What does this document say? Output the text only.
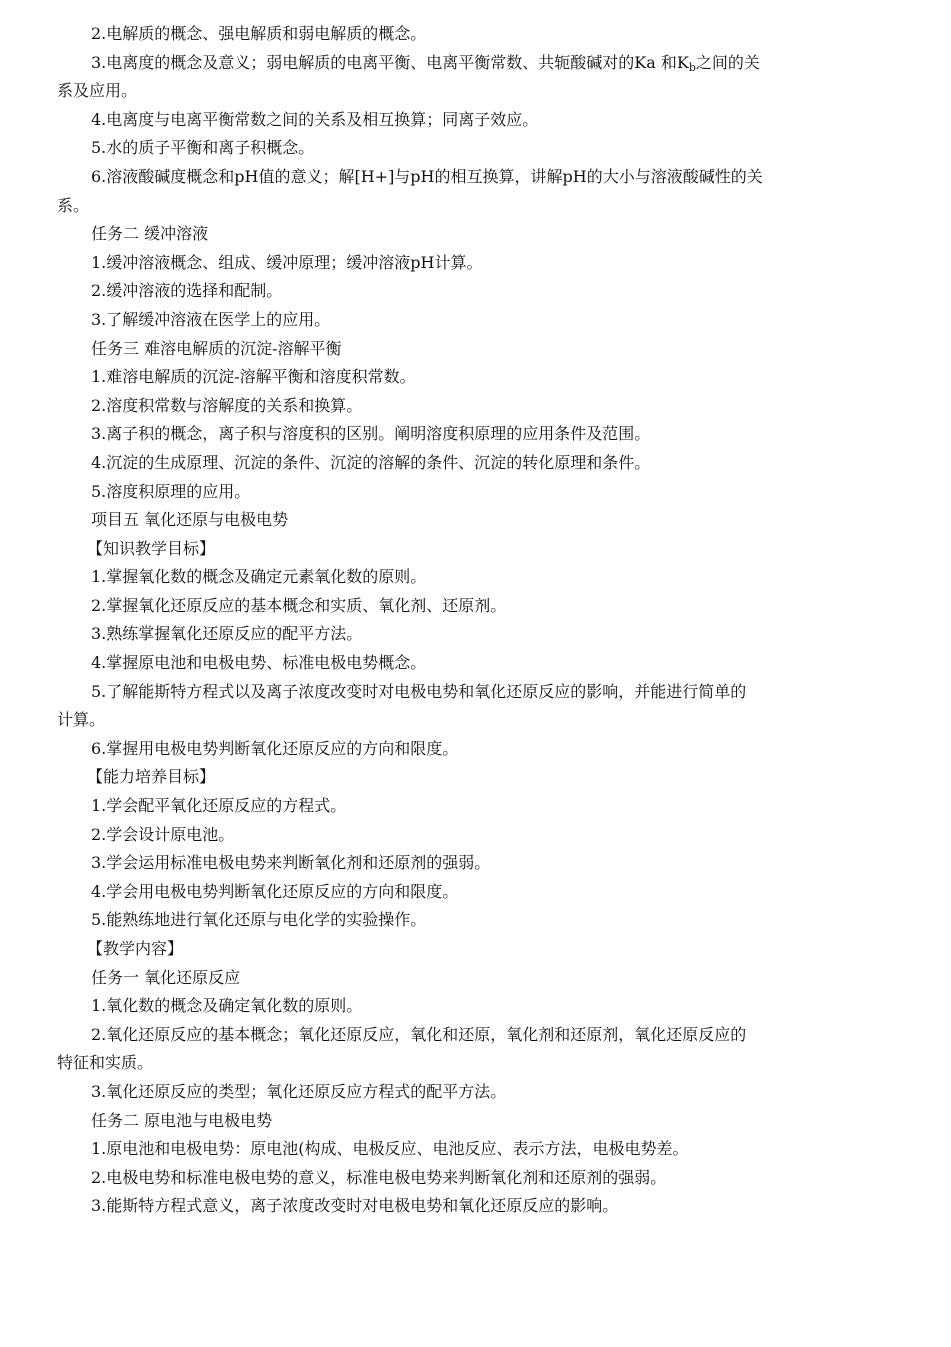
2.电解质的概念、强电解质和弱电解质的概念。
3.电离度的概念及意义；弱电解质的电离平衡、电离平衡常数、共轭酸碱对的Ka 和$K_b$之间的关
系及应用。
4.电离度与电离平衡常数之间的关系及相互换算；同离子效应。
5.水的质子平衡和离子积概念。
6.溶液酸碱度概念和pH值的意义；解[H+]与pH的相互换算，讲解pH的大小与溶液酸碱性的关
系。
任务二 缓冲溶液
1.缓冲溶液概念、组成、缓冲原理；缓冲溶液pH计算。
2.缓冲溶液的选择和配制。
3.了解缓冲溶液在医学上的应用。
任务三 难溶电解质的沉淀-溶解平衡
1.难溶电解质的沉淀-溶解平衡和溶度积常数。
2.溶度积常数与溶解度的关系和换算。
3.离子积的概念，离子积与溶度积的区别。阐明溶度积原理的应用条件及范围。
4.沉淀的生成原理、沉淀的条件、沉淀的溶解的条件、沉淀的转化原理和条件。
5.溶度积原理的应用。
项目五 氧化还原与电极电势
【知识教学目标】
1.掌握氧化数的概念及确定元素氧化数的原则。
2.掌握氧化还原反应的基本概念和实质、氧化剂、还原剂。
3.熟练掌握氧化还原反应的配平方法。
4.掌握原电池和电极电势、标准电极电势概念。
5.了解能斯特方程式以及离子浓度改变时对电极电势和氧化还原反应的影响，并能进行简单的
计算。
6.掌握用电极电势判断氧化还原反应的方向和限度。
【能力培养目标】
1.学会配平氧化还原反应的方程式。
2.学会设计原电池。
3.学会运用标准电极电势来判断氧化剂和还原剂的强弱。
4.学会用电极电势判断氧化还原反应的方向和限度。
5.能熟练地进行氧化还原与电化学的实验操作。
【教学内容】
任务一 氧化还原反应
1.氧化数的概念及确定氧化数的原则。
2.氧化还原反应的基本概念；氧化还原反应，氧化和还原，氧化剂和还原剂，氧化还原反应的
特征和实质。
3.氧化还原反应的类型；氧化还原反应方程式的配平方法。
任务二 原电池与电极电势
1.原电池和电极电势：原电池(构成、电极反应、电池反应、表示方法，电极电势差。
2.电极电势和标准电极电势的意义，标准电极电势来判断氧化剂和还原剂的强弱。
3.能斯特方程式意义，离子浓度改变时对电极电势和氧化还原反应的影响。
